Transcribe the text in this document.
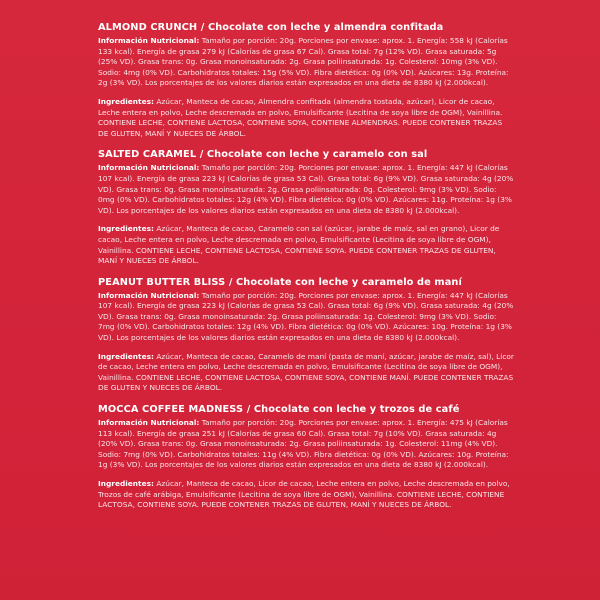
ALMOND CRUNCH / Chocolate con leche y almendra confitada

Información Nutricional: Tamaño por porción: 20g. Porciones por envase: aprox. 1. Energía: 558 kJ (Calorías 133 kcal). Energía de grasa 279 kJ (Calorías de grasa 67 Cal). Grasa total: 7g (12% VD). Grasa saturada: 5g (25% VD). Grasa trans: 0g. Grasa monoinsaturada: 2g. Grasa poliinsaturada: 1g. Colesterol: 10mg (3% VD). Sodio: 4mg (0% VD). Carbohidratos totales: 15g (5% VD). Fibra dietética: 0g (0% VD). Azúcares: 13g. Proteína: 2g (3% VD). Los porcentajes de los valores diarios están expresados en una dieta de 8380 kJ (2.000kcal).

Ingredientes: Azúcar, Manteca de cacao, Almendra confitada (almendra tostada, azúcar), Licor de cacao, Leche entera en polvo, Leche descremada en polvo, Emulsificante (Lecitina de soya libre de OGM), Vainillina. CONTIENE LECHE, CONTIENE LACTOSA, CONTIENE SOYA, CONTIENE ALMENDRAS. PUEDE CONTENER TRAZAS DE GLUTEN, MANÍ Y NUECES DE ÁRBOL.

SALTED CARAMEL / Chocolate con leche y caramelo con sal

Información Nutricional: Tamaño por porción: 20g. Porciones por envase: aprox. 1. Energía: 447 kJ (Calorías 107 kcal). Energía de grasa 223 kJ (Calorías de grasa 53 Cal). Grasa total: 6g (9% VD). Grasa saturada: 4g (20% VD). Grasa trans: 0g. Grasa monoinsaturada: 2g. Grasa poliinsaturada: 0g. Colesterol: 9mg (3% VD). Sodio: 0mg (0% VD). Carbohidratos totales: 12g (4% VD). Fibra dietética: 0g (0% VD). Azúcares: 11g. Proteína: 1g (3% VD). Los porcentajes de los valores diarios están expresados en una dieta de 8380 kJ (2.000kcal).

Ingredientes: Azúcar, Manteca de cacao, Caramelo con sal (azúcar, jarabe de maíz, sal en grano), Licor de cacao, Leche entera en polvo, Leche descremada en polvo, Emulsificante (Lecitina de soya libre de OGM), Vainillina. CONTIENE LECHE, CONTIENE LACTOSA, CONTIENE SOYA. PUEDE CONTENER TRAZAS DE GLUTEN, MANÍ Y NUECES DE ÁRBOL.

PEANUT BUTTER BLISS / Chocolate con leche y caramelo de maní

Información Nutricional: Tamaño por porción: 20g. Porciones por envase: aprox. 1. Energía: 447 kJ (Calorías 107 kcal). Energía de grasa 223 kJ (Calorías de grasa 53 Cal). Grasa total: 6g (9% VD). Grasa saturada: 4g (20% VD). Grasa trans: 0g. Grasa monoinsaturada: 2g. Grasa poliinsaturada: 1g. Colesterol: 9mg (3% VD). Sodio: 7mg (0% VD). Carbohidratos totales: 12g (4% VD). Fibra dietética: 0g (0% VD). Azúcares: 10g. Proteína: 1g (3% VD). Los porcentajes de los valores diarios están expresados en una dieta de 8380 kJ (2.000kcal).

Ingredientes: Azúcar, Manteca de cacao, Caramelo de maní (pasta de maní, azúcar, jarabe de maíz, sal), Licor de cacao, Leche entera en polvo, Leche descremada en polvo, Emulsificante (Lecitina de soya libre de OGM), Vainillina. CONTIENE LECHE, CONTIENE LACTOSA, CONTIENE SOYA, CONTIENE MANÍ. PUEDE CONTENER TRAZAS DE GLUTEN Y NUECES DE ÁRBOL.

MOCCA COFFEE MADNESS / Chocolate con leche y trozos de café

Información Nutricional: Tamaño por porción: 20g. Porciones por envase: aprox. 1. Energía: 475 kJ (Calorías 113 kcal). Energía de grasa 251 kJ (Calorías de grasa 60 Cal). Grasa total: 7g (10% VD). Grasa saturada: 4g (20% VD). Grasa trans: 0g. Grasa monoinsaturada: 2g. Grasa poliinsaturada: 1g. Colesterol: 11mg (4% VD). Sodio: 7mg (0% VD). Carbohidratos totales: 11g (4% VD). Fibra dietética: 0g (0% VD). Azúcares: 10g. Proteína: 1g (3% VD). Los porcentajes de los valores diarios están expresados en una dieta de 8380 kJ (2.000kcal).

Ingredientes: Azúcar, Manteca de cacao, Licor de cacao, Leche entera en polvo, Leche descremada en polvo, Trozos de café arábiga, Emulsificante (Lecitina de soya libre de OGM), Vainillina. CONTIENE LECHE, CONTIENE LACTOSA, CONTIENE SOYA. PUEDE CONTENER TRAZAS DE GLUTEN, MANÍ Y NUECES DE ÁRBOL.
